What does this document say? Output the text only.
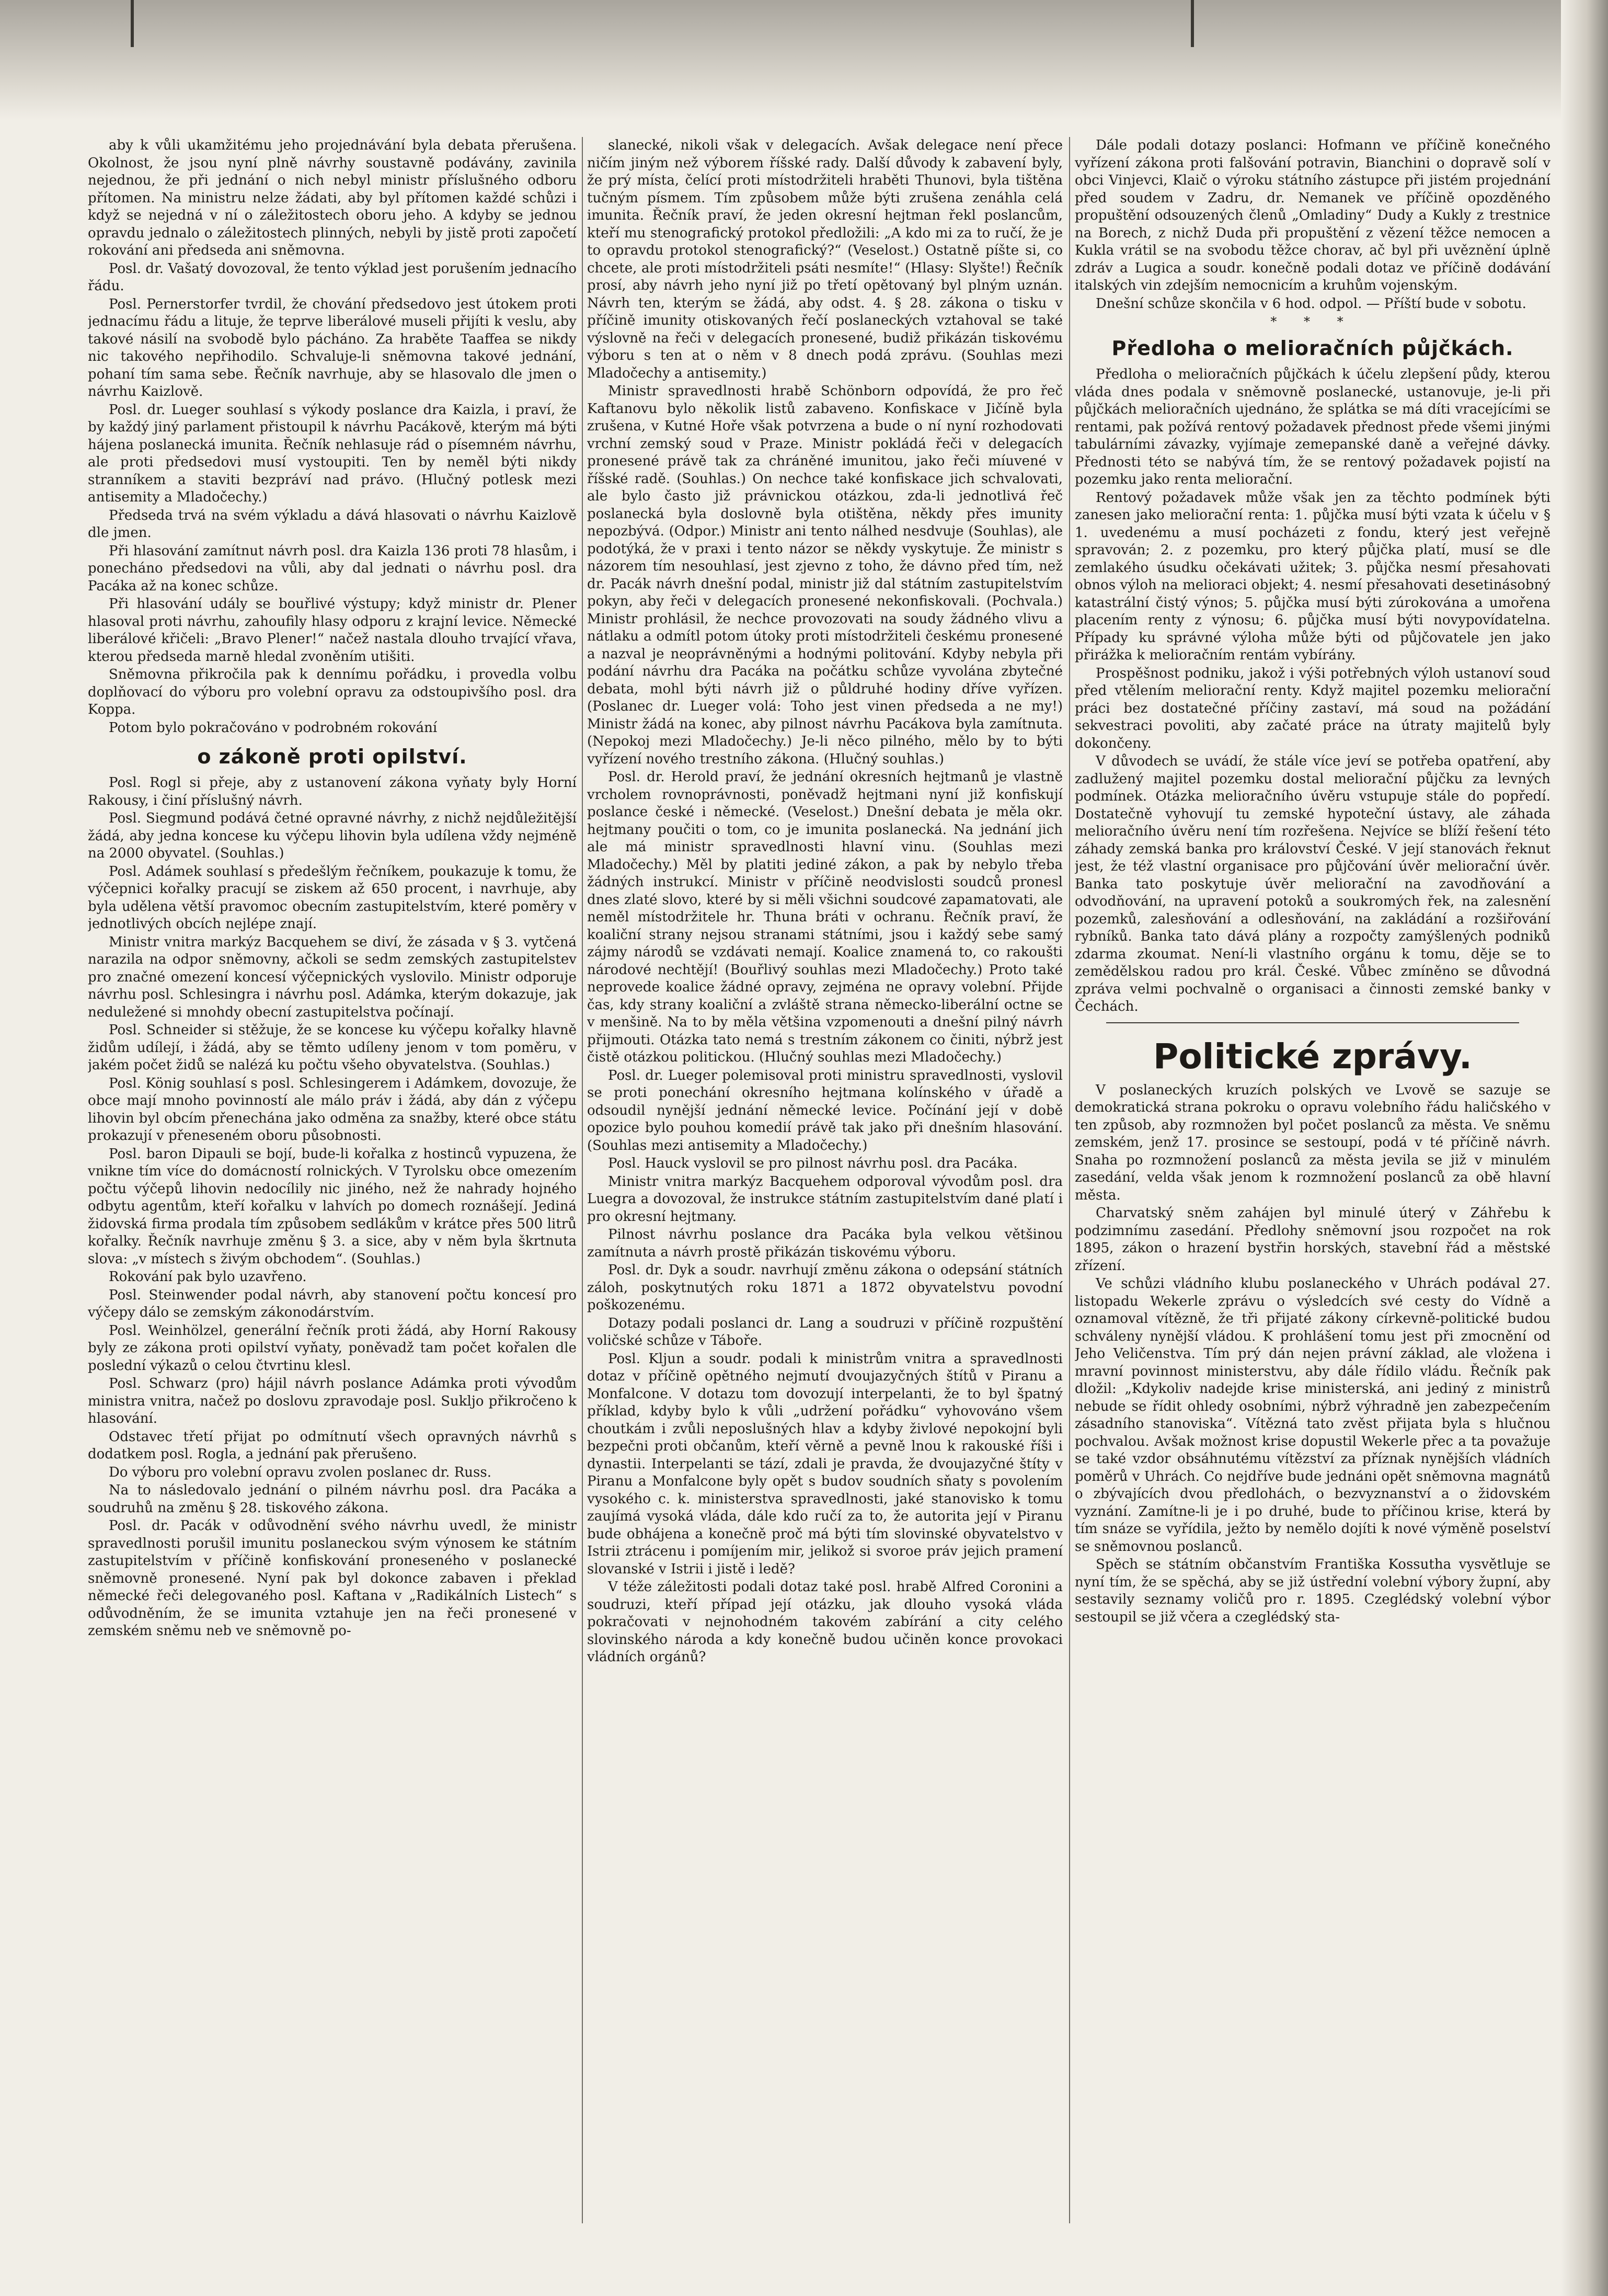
aby k vůli ukamžitému jeho projednávání byla debata přerušena. Okolnost, že jsou nyní plně návrhy soustavně podávány, zavinila nejednou, že při jednání o nich nebyl ministr příslušného odboru přítomen. Na ministru nelze žádati, aby byl přítomen každé schůzi i když se nejedná v ní o záležitostech oboru jeho. A kdyby se jednou opravdu jednalo o záležitostech plinných, nebyli by jistě proti započetí rokování ani předseda ani sněmovna.
Posl. dr. Vašatý dovozoval, že tento výklad jest porušením jednacího řádu.
Posl. Pernerstorfer tvrdil, že chování předsedovo jest útokem proti jednacímu řádu a lituje, že teprve liberálové museli přijíti k veslu, aby takové násilí na svobodě bylo pácháno. Za hraběte Taaffea se nikdy nic takového nepřihodilo. Schvaluje-li sněmovna takové jednání, pohaní tím sama sebe. Řečník navrhuje, aby se hlasovalo dle jmen o návrhu Kaizlově.
Posl. dr. Lueger souhlasí s výkody poslance dra Kaizla, i praví, že by každý jiný parlament přistoupil k návrhu Pacákově, kterým má býti hájena poslanecká imunita. Řečník nehlasuje rád o písemném návrhu, ale proti předsedovi musí vystoupiti. Ten by neměl býti nikdy stranníkem a staviti bezpráví nad právo. (Hlučný potlesk mezi antisemity a Mladočechy.)
Předseda trvá na svém výkladu a dává hlasovati o návrhu Kaizlově dle jmen.
Při hlasování zamítnut návrh posl. dra Kaizla 136 proti 78 hlasům, i ponecháno předsedovi na vůli, aby dal jednati o návrhu posl. dra Pacáka až na konec schůze.
Při hlasování udály se bouřlivé výstupy; když ministr dr. Plener hlasoval proti návrhu, zahoufily hlasy odporu z krajní levice. Německé liberálové křičeli: „Bravo Plener!“ načež nastala dlouho trvající vřava, kterou předseda marně hledal zvoněním utišiti.
Sněmovna přikročila pak k dennímu pořádku, i provedla volbu doplňovací do výboru pro volební opravu za odstoupivšího posl. dra Koppa.
Potom bylo pokračováno v podrobném rokování
o zákoně proti opilství.
Posl. Rogl si přeje, aby z ustanovení zákona vyňaty byly Horní Rakousy, i činí příslušný návrh.
Posl. Siegmund podává četné opravné návrhy, z nichž nejdůležitější žádá, aby jedna koncese ku výčepu lihovin byla udílena vždy nejméně na 2000 obyvatel. (Souhlas.)
Posl. Adámek souhlasí s předešlým řečníkem, poukazuje k tomu, že výčepnici kořalky pracují se ziskem až 650 procent, i navrhuje, aby byla udělena větší pravomoc obecním zastupitelstvím, které poměry v jednotlivých obcích nejlépe znají.
Ministr vnitra markýz Bacquehem se diví, že zásada v § 3. vytčená narazila na odpor sněmovny, ačkoli se sedm zemských zastupitelstev pro značné omezení koncesí výčepnických vyslovilo. Ministr odporuje návrhu posl. Schlesingra i návrhu posl. Adámka, kterým dokazuje, jak neduležené si mnohdy obecní zastupitelstva počínají.
Posl. Schneider si stěžuje, že se koncese ku výčepu kořalky hlavně židům udílejí, i žádá, aby se těmto udíleny jenom v tom poměru, v jakém počet židů se nalézá ku počtu všeho obyvatelstva. (Souhlas.)
Posl. König souhlasí s posl. Schlesingerem i Adámkem, dovozuje, že obce mají mnoho povinností ale málo práv i žádá, aby dán z výčepu lihovin byl obcím přenechána jako odměna za snažby, které obce státu prokazují v přeneseném oboru působnosti.
Posl. baron Dipauli se bojí, bude-li kořalka z hostinců vypuzena, že vnikne tím více do domácností rolnických. V Tyrolsku obce omezením počtu výčepů lihovin nedocílily nic jiného, než že nahrady hojného odbytu agentům, kteří kořalku v lahvích po domech roznášejí. Jediná židovská firma prodala tím způsobem sedlákům v krátce přes 500 litrů kořalky. Řečník navrhuje změnu § 3. a sice, aby v něm byla škrtnuta slova: „v místech s živým obchodem“. (Souhlas.)
Rokování pak bylo uzavřeno.
Posl. Steinwender podal návrh, aby stanovení počtu koncesí pro výčepy dálo se zemským zákonodárstvím.
Posl. Weinhölzel, generální řečník proti žádá, aby Horní Rakousy byly ze zákona proti opilství vyňaty, poněvadž tam počet kořalen dle poslední výkazů o celou čtvrtinu klesl.
Posl. Schwarz (pro) hájil návrh poslance Adámka proti vývodům ministra vnitra, načež po doslovu zpravodaje posl. Sukljo přikročeno k hlasování.
Odstavec třetí přijat po odmítnutí všech opravných návrhů s dodatkem posl. Rogla, a jednání pak přerušeno.
Do výboru pro volební opravu zvolen poslanec dr. Russ.
Na to následovalo jednání o pilném návrhu posl. dra Pacáka a soudruhů na změnu § 28. tiskového zákona.
Posl. dr. Pacák v odůvodnění svého návrhu uvedl, že ministr spravedlnosti porušil imunitu poslaneckou svým výnosem ke státním zastupitelstvím v příčině konfiskování proneseného v poslanecké sněmovně pronesené. Nyní pak byl dokonce zabaven i překlad německé řeči delegovaného posl. Kaftana v „Radikálních Listech“ s odůvodněním, že se imunita vztahuje jen na řeči pronesené v zemském sněmu neb ve sněmovně po-
slanecké, nikoli však v delegacích. Avšak delegace není přece ničím jiným než výborem říšské rady. Další důvody k zabavení byly, že prý místa, čelící proti místodržiteli hraběti Thunovi, byla tištěna tučným písmem. Tím způsobem může býti zrušena zenáhla celá imunita. Řečník praví, že jeden okresní hejtman řekl poslancům, kteří mu stenografický protokol předložili: „A kdo mi za to ručí, že je to opravdu protokol stenografický?“ (Veselost.) Ostatně píšte si, co chcete, ale proti místodržiteli psáti nesmíte!“ (Hlasy: Slyšte!) Řečník prosí, aby návrh jeho nyní již po třetí opětovaný byl plným uznán. Návrh ten, kterým se žádá, aby odst. 4. § 28. zákona o tisku v příčině imunity otiskovaných řečí poslaneckých vztahoval se také výslovně na řeči v delegacích pronesené, budiž přikázán tiskovému výboru s ten at o něm v 8 dnech podá zprávu. (Souhlas mezi Mladočechy a antisemity.)
Ministr spravedlnosti hrabě Schönborn odpovídá, že pro řeč Kaftanovu bylo několik listů zabaveno. Konfiskace v Jičíně byla zrušena, v Kutné Hoře však potvrzena a bude o ní nyní rozhodovati vrchní zemský soud v Praze. Ministr pokládá řeči v delegacích pronesené právě tak za chráněné imunitou, jako řeči míuvené v říšské radě. (Souhlas.) On nechce také konfiskace jich schvalovati, ale bylo často již právnickou otázkou, zda-li jednotlivá řeč poslanecká byla doslovně byla otištěna, někdy přes imunity nepozbývá. (Odpor.) Ministr ani tento nálhed nesdvuje (Souhlas), ale podotýká, že v praxi i tento názor se někdy vyskytuje. Že ministr s názorem tím nesouhlasí, jest zjevno z toho, že dávno před tím, než dr. Pacák návrh dnešní podal, ministr již dal státním zastupitelstvím pokyn, aby řeči v delegacích pronesené nekonfiskovali. (Pochvala.) Ministr prohlásil, že nechce provozovati na soudy žádného vlivu a nátlaku a odmítl potom útoky proti místodržiteli českému pronesené a nazval je neoprávněnými a hodnými politování. Kdyby nebyla při podání návrhu dra Pacáka na počátku schůze vyvolána zbytečné debata, mohl býti návrh již o půldruhé hodiny dříve vyřízen. (Poslanec dr. Lueger volá: Toho jest vinen předseda a ne my!) Ministr žádá na konec, aby pilnost návrhu Pacákova byla zamítnuta. (Nepokoj mezi Mladočechy.) Je-li něco pilného, mělo by to býti vyřízení nového trestního zákona. (Hlučný souhlas.)
Posl. dr. Herold praví, že jednání okresních hejtmanů je vlastně vrcholem rovnoprávnosti, poněvadž hejtmani nyní již konfiskují poslance české i německé. (Veselost.) Dnešní debata je měla okr. hejtmany poučiti o tom, co je imunita poslanecká. Na jednání jich ale má ministr spravedlnosti hlavní vinu. (Souhlas mezi Mladočechy.) Měl by platiti jediné zákon, a pak by nebylo třeba žádných instrukcí. Ministr v příčině neodvislosti soudců pronesl dnes zlaté slovo, které by si měli všichni soudcové zapamatovati, ale neměl místodržitele hr. Thuna bráti v ochranu. Řečník praví, že koaliční strany nejsou stranami státními, jsou i každý sebe samý zájmy národů se vzdávati nemají. Koalice znamená to, co rakoušti národové nechtějí! (Bouřlivý souhlas mezi Mladočechy.) Proto také neprovede koalice žádné opravy, zejména ne opravy volební. Přijde čas, kdy strany koaliční a zvláště strana německo-liberální octne se v menšině. Na to by měla většina vzpomenouti a dnešní pilný návrh přijmouti. Otázka tato nemá s trestním zákonem co činiti, nýbrž jest čistě otázkou politickou. (Hlučný souhlas mezi Mladočechy.)
Posl. dr. Lueger polemisoval proti ministru spravedlnosti, vyslovil se proti ponechání okresního hejtmana kolínského v úřadě a odsoudil nynější jednání německé levice. Počínání její v době opozice bylo pouhou komedií právě tak jako při dnešním hlasování. (Souhlas mezi antisemity a Mladočechy.)
Posl. Hauck vyslovil se pro pilnost návrhu posl. dra Pacáka.
Ministr vnitra markýz Bacquehem odporoval vývodům posl. dra Luegra a dovozoval, že instrukce státním zastupitelstvím dané platí i pro okresní hejtmany.
Pilnost návrhu poslance dra Pacáka byla velkou většinou zamítnuta a návrh prostě přikázán tiskovému výboru.
Posl. dr. Dyk a soudr. navrhují změnu zákona o odepsání státních záloh, poskytnutých roku 1871 a 1872 obyvatelstvu povodní poškozenému.
Dotazy podali poslanci dr. Lang a soudruzi v příčině rozpuštění voličské schůze v Táboře.
Posl. Kljun a soudr. podali k ministrům vnitra a spravedlnosti dotaz v příčině opětného nejmutí dvoujazyčných štítů v Piranu a Monfalcone. V dotazu tom dovozují interpelanti, že to byl špatný příklad, kdyby bylo k vůli „udržení pořádku“ vyhovováno všem choutkám i zvůli neposlušných hlav a kdyby živlové nepokojní byli bezpečni proti občanům, kteří věrně a pevně lnou k rakouské říši i dynastii. Interpelanti se tází, zdali je pravda, že dvoujazyčné štíty v Piranu a Monfalcone byly opět s budov soudních sňaty s povolením vysokého c. k. ministerstva spravedlnosti, jaké stanovisko k tomu zaujímá vysoká vláda, dále kdo ručí za to, že autorita její v Piranu bude obhájena a konečně proč má býti tím slovinské obyvatelstvo v Istrii ztrácenu i pomíjením mir, jelikož si svoroe práv jejich pramení slovanské v Istrii i jistě i ledě?
V téže záležitosti podali dotaz také posl. hrabě Alfred Coronini a soudruzi, kteří případ její otázku, jak dlouho vysoká vláda pokračovati v nejnohodném takovém zabírání a city celého slovinského národa a kdy konečně budou učiněn konce provokaci vládních orgánů?
Dále podali dotazy poslanci: Hofmann ve příčině konečného vyřízení zákona proti falšování potravin, Bianchini o dopravě solí v obci Vinjevci, Klaič o výroku státního zástupce při jistém projednání před soudem v Zadru, dr. Nemanek ve příčině opozděného propuštění odsouzených členů „Omladiny“ Dudy a Kukly z trestnice na Borech, z nichž Duda při propuštění z vězení těžce nemocen a Kukla vrátil se na svobodu těžce chorav, ač byl při uvěznění úplně zdráv a Lugica a soudr. konečně podali dotaz ve příčině dodávání italských vin zdejším nemocnicím a kruhům vojenským.
Dnešní schůze skončila v 6 hod. odpol. — Příští bude v sobotu.
* * *
Předloha o melioračních půjčkách.
Předloha o melioračních půjčkách k účelu zlepšení půdy, kterou vláda dnes podala v sněmovně poslanecké, ustanovuje, je-li při půjčkách melioračních ujednáno, že splátka se má díti vracejícími se rentami, pak požívá rentový požadavek přednost přede všemi jinými tabulárními závazky, vyjímaje zemepanské daně a veřejné dávky. Přednosti této se nabývá tím, že se rentový požadavek pojistí na pozemku jako renta meliorační.
Rentový požadavek může však jen za těchto podmínek býti zanesen jako meliorační renta: 1. půjčka musí býti vzata k účelu v § 1. uvedenému a musí pocházeti z fondu, který jest veřejně spravován; 2. z pozemku, pro který půjčka platí, musí se dle zemlakého úsudku očekávati užitek; 3. půjčka nesmí přesahovati obnos výloh na melioraci objekt; 4. nesmí přesahovati desetinásobný katastrální čistý výnos; 5. půjčka musí býti zúrokována a umořena placením renty z výnosu; 6. půjčka musí býti novypovídatelna. Případy ku správné výloha může býti od půjčovatele jen jako přirážka k melioračním rentám vybírány.
Prospěšnost podniku, jakož i výši potřebných výloh ustanoví soud před vtělením meliorační renty. Když majitel pozemku meliorační práci bez dostatečné příčiny zastaví, má soud na požádání sekvestraci povoliti, aby začaté práce na útraty majitelů byly dokončeny.
V důvodech se uvádí, že stále více jeví se potřeba opatření, aby zadlužený majitel pozemku dostal meliorační půjčku za levných podmínek. Otázka melioračního úvěru vstupuje stále do popředí. Dostatečně vyhovují tu zemské hypoteční ústavy, ale záhada melioračního úvěru není tím rozřešena. Nejvíce se blíží řešení této záhady zemská banka pro království České. V její stanovách řeknut jest, že též vlastní organisace pro půjčování úvěr meliorační úvěr. Banka tato poskytuje úvěr meliorační na zavodňování a odvodňování, na upravení potoků a soukromých řek, na zalesnění pozemků, zalesňování a odlesňování, na zakládání a rozšiřování rybníků. Banka tato dává plány a rozpočty zamýšlených podniků zdarma zkoumat. Není-li vlastního orgánu k tomu, děje se to zemědělskou radou pro král. České. Vůbec zmíněno se důvodná zpráva velmi pochvalně o organisaci a činnosti zemské banky v Čechách.
Politické zprávy.
V poslaneckých kruzích polských ve Lvově se sazuje se demokratická strana pokroku o opravu volebního řádu haličského v ten způsob, aby rozmnožen byl počet poslanců za města. Ve sněmu zemském, jenž 17. prosince se sestoupí, podá v té příčině návrh. Snaha po rozmnožení poslanců za města jevila se již v minulém zasedání, velda však jenom k rozmnožení poslanců za obě hlavní města.
Charvatský sněm zahájen byl minulé úterý v Záhřebu k podzimnímu zasedání. Předlohy sněmovní jsou rozpočet na rok 1895, zákon o hrazení bystřin horských, stavební řád a městské zřízení.
Ve schůzi vládního klubu poslaneckého v Uhrách podával 27. listopadu Wekerle zprávu o výsledcích své cesty do Vídně a oznamoval vítězně, že tři přijaté zákony církevně-politické budou schváleny nynější vládou. K prohlášení tomu jest při zmocnění od Jeho Veličenstva. Tím prý dán nejen právní základ, ale vložena i mravní povinnost ministerstvu, aby dále řídilo vládu. Řečník pak dložil: „Kdykoliv nadejde krise ministerská, ani jediný z ministrů nebude se řídit ohledy osobními, nýbrž výhradně jen zabezpečením zásadního stanoviska“. Vítězná tato zvěst přijata byla s hlučnou pochvalou. Avšak možnost krise dopustil Wekerle přec a ta považuje se také vzdor obsáhnutému vítězství za příznak nynějších vládních poměrů v Uhrách. Co nejdříve bude jednáni opět sněmovna magnátů o zbývajících dvou předlohách, o bezvyznanství a o židovském vyznání. Zamítne-li je i po druhé, bude to příčinou krise, která by tím snáze se vyřídila, ježto by nemělo dojíti k nové výměně poselství se sněmovnou poslanců.
Spěch se státním občanstvím Františka Kossutha vysvětluje se nyní tím, že se spěchá, aby se již ústřední volební výbory župní, aby sestavily seznamy voličů pro r. 1895. Czeglédský volební výbor sestoupil se již včera a czeglédský sta-
